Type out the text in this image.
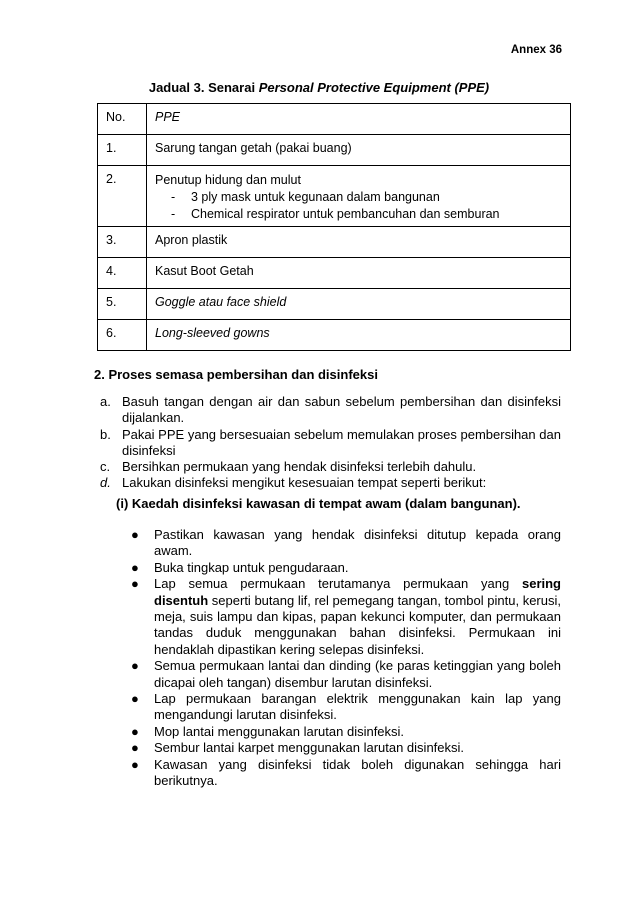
Annex 36
Jadual 3. Senarai Personal Protective Equipment (PPE)
No.	PPE
1.	Sarung tangan getah (pakai buang)
2.	Penutup hidung dan mulut
- 3 ply mask untuk kegunaan dalam bangunan
- Chemical respirator untuk pembancuhan dan semburan

3.	Apron plastik
4.	Kasut Boot Getah
5.	Goggle atau face shield
6.	Long-sleeved gowns
2. Proses semasa pembersihan dan disinfeksi
a. Basuh tangan dengan air dan sabun sebelum pembersihan dan disinfeksi dijalankan.
b. Pakai PPE yang bersesuaian sebelum memulakan proses pembersihan dan disinfeksi
c. Bersihkan permukaan yang hendak disinfeksi terlebih dahulu.
d. Lakukan disinfeksi mengikut kesesuaian tempat seperti berikut:
(i) Kaedah disinfeksi kawasan di tempat awam (dalam bangunan).
●	Pastikan kawasan yang hendak disinfeksi ditutup kepada orang awam.
●	Buka tingkap untuk pengudaraan.
●	Lap semua permukaan terutamanya permukaan yang sering disentuh seperti butang lif, rel pemegang tangan, tombol pintu, kerusi, meja, suis lampu dan kipas, papan kekunci komputer, dan permukaan tandas duduk menggunakan bahan disinfeksi. Permukaan ini hendaklah dipastikan kering selepas disinfeksi.
●	Semua permukaan lantai dan dinding (ke paras ketinggian yang boleh dicapai oleh tangan) disembur larutan disinfeksi.
●	Lap permukaan barangan elektrik menggunakan kain lap yang mengandungi larutan disinfeksi.
●	Mop lantai menggunakan larutan disinfeksi.
●	Sembur lantai karpet menggunakan larutan disinfeksi.
●	Kawasan yang disinfeksi tidak boleh digunakan sehingga hari berikutnya.
